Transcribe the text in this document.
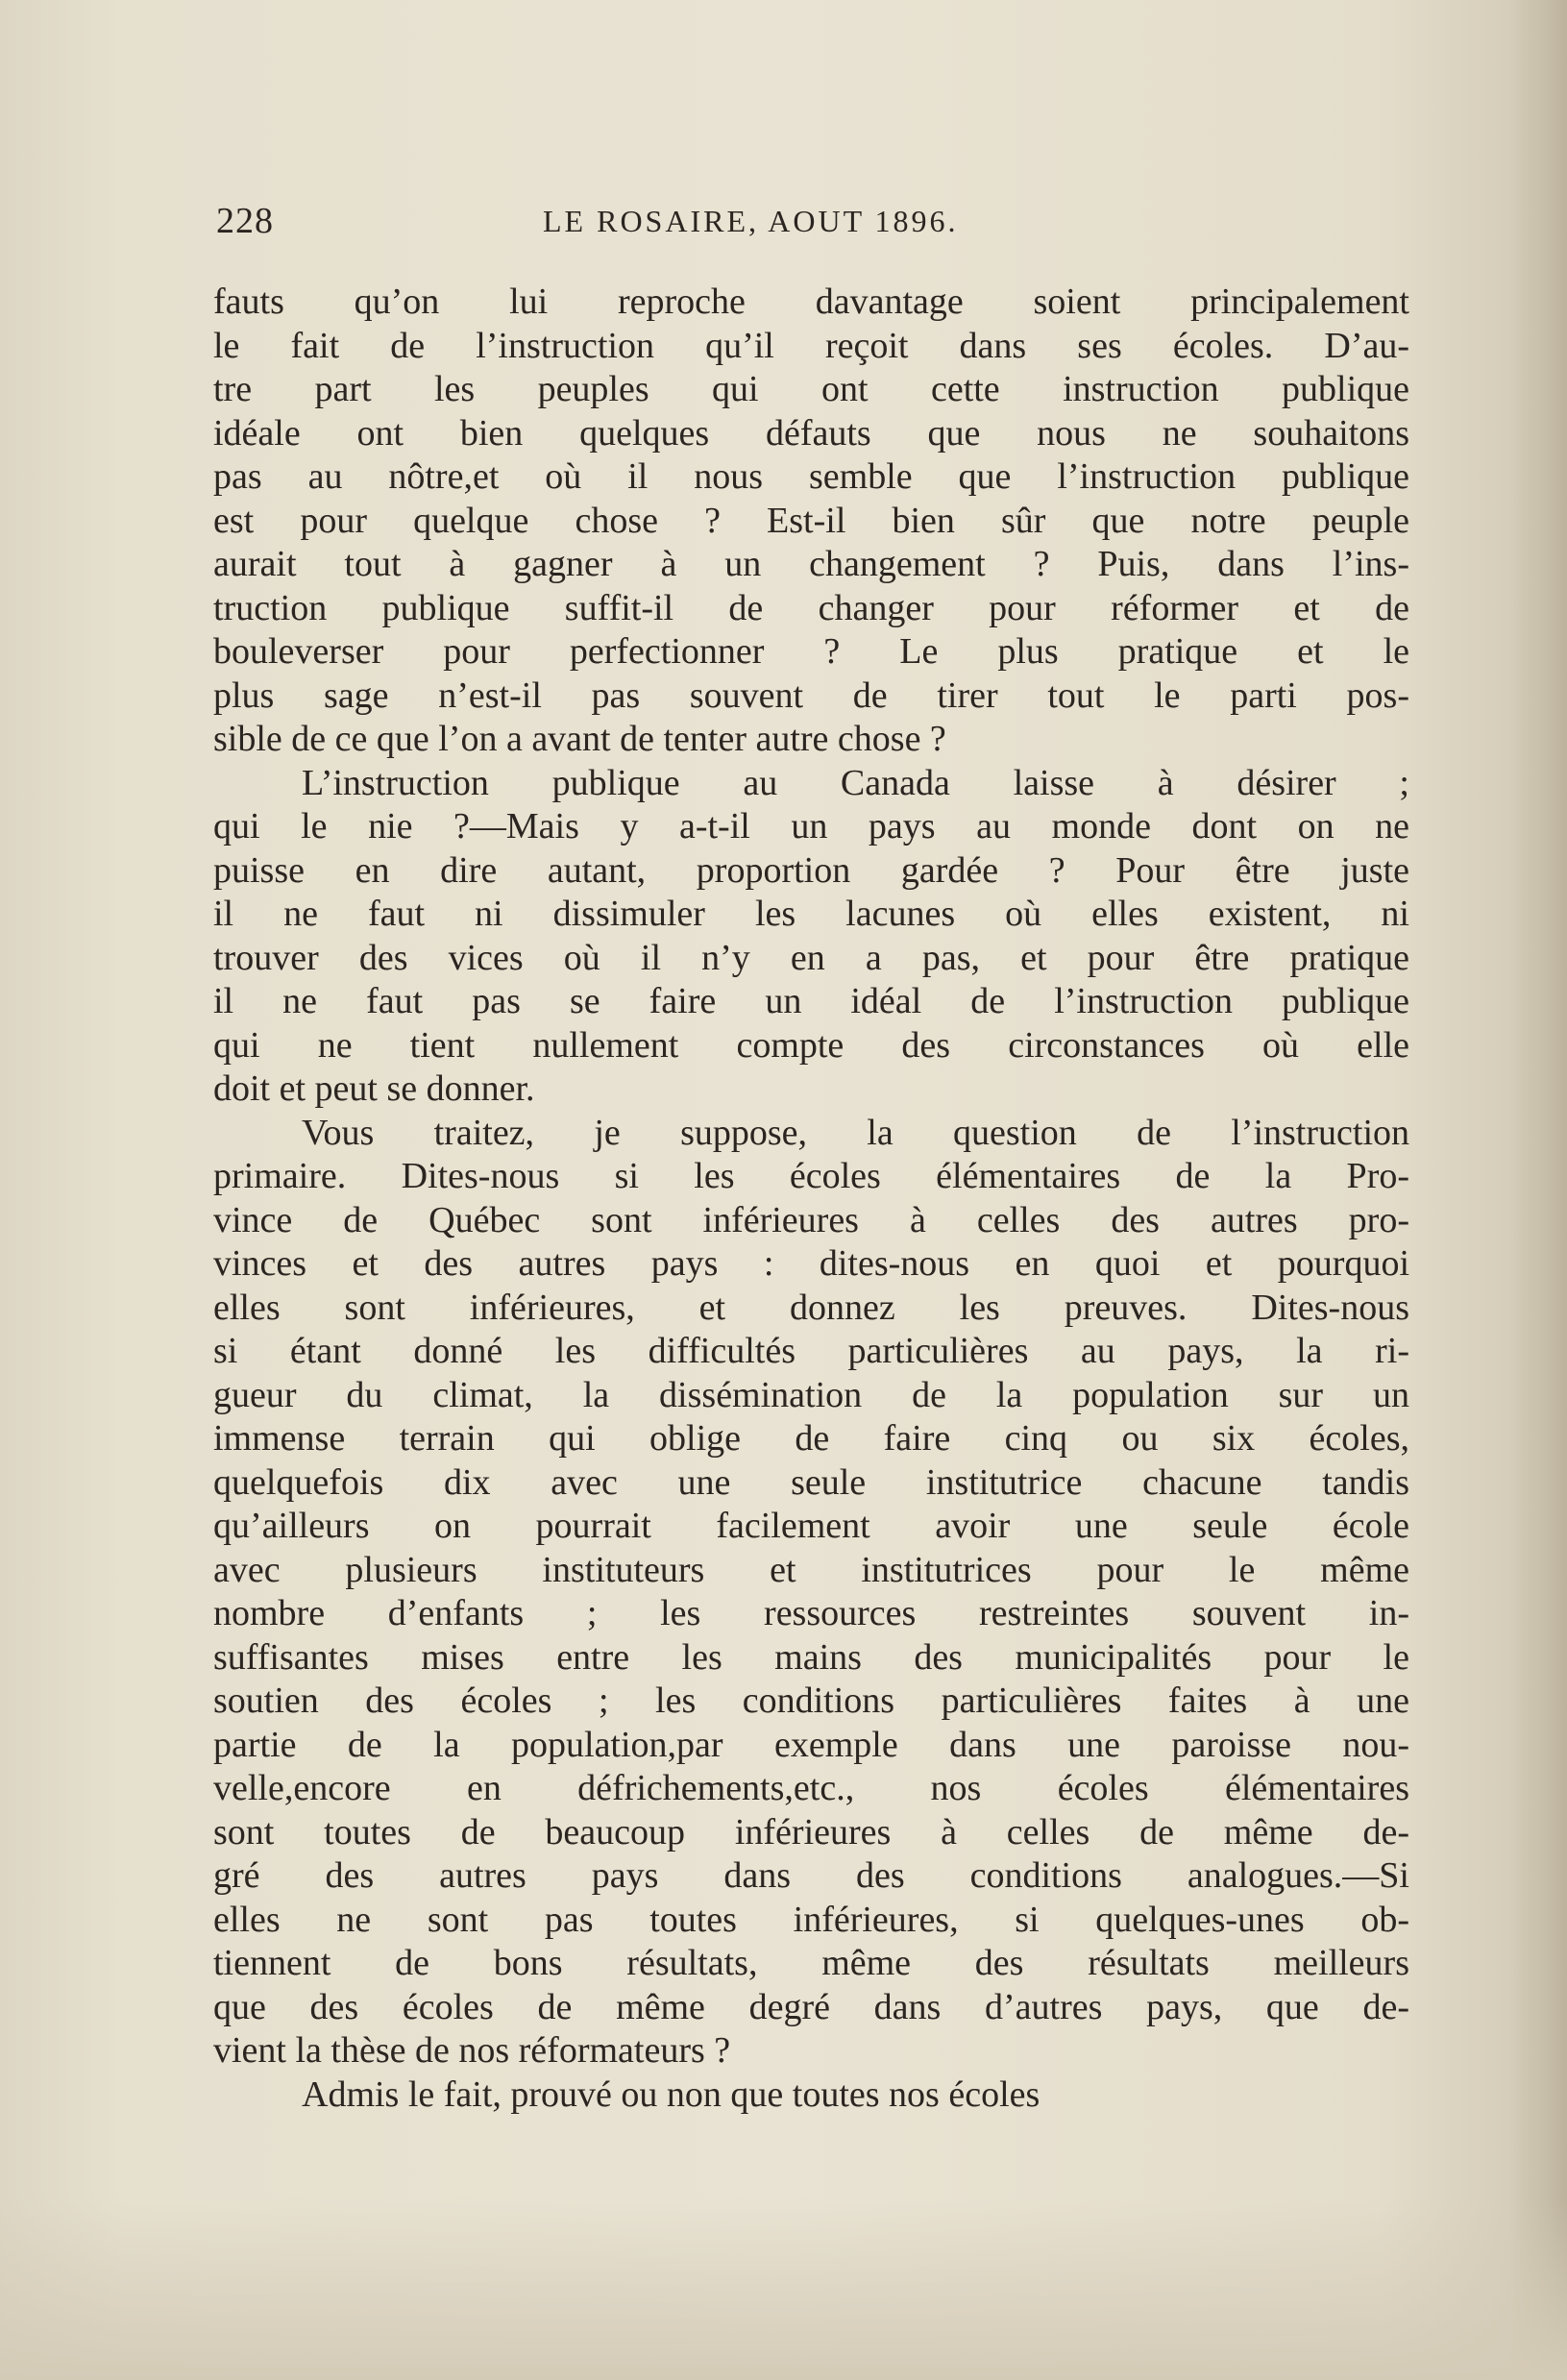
228	LE ROSAIRE, AOUT 1896.
fauts qu’on lui reproche davantage soient principalement
le fait de l’instruction qu’il reçoit dans ses écoles. D’au-
tre part les peuples qui ont cette instruction publique
idéale ont bien quelques défauts que nous ne souhaitons
pas au nôtre,et où il nous semble que l’instruction publique
est pour quelque chose ? Est-il bien sûr que notre peuple
aurait tout à gagner à un changement ? Puis, dans l’ins-
truction publique suffit-il de changer pour réformer et de
bouleverser pour perfectionner ? Le plus pratique et le
plus sage n’est-il pas souvent de tirer tout le parti pos-
sible de ce que l’on a avant de tenter autre chose ?
L’instruction publique au Canada laisse à désirer ;
qui le nie ?—Mais y a-t-il un pays au monde dont on ne
puisse en dire autant, proportion gardée ? Pour être juste
il ne faut ni dissimuler les lacunes où elles existent, ni
trouver des vices où il n’y en a pas, et pour être pratique
il ne faut pas se faire un idéal de l’instruction publique
qui ne tient nullement compte des circonstances où elle
doit et peut se donner.
Vous traitez, je suppose, la question de l’instruction
primaire. Dites-nous si les écoles élémentaires de la Pro-
vince de Québec sont inférieures à celles des autres pro-
vinces et des autres pays : dites-nous en quoi et pourquoi
elles sont inférieures, et donnez les preuves. Dites-nous
si étant donné les difficultés particulières au pays, la ri-
gueur du climat, la dissémination de la population sur un
immense terrain qui oblige de faire cinq ou six écoles,
quelquefois dix avec une seule institutrice chacune tandis
qu’ailleurs on pourrait facilement avoir une seule école
avec plusieurs instituteurs et institutrices pour le même
nombre d’enfants ; les ressources restreintes souvent in-
suffisantes mises entre les mains des municipalités pour le
soutien des écoles ; les conditions particulières faites à une
partie de la population,par exemple dans une paroisse nou-
velle,encore en défrichements,etc., nos écoles élémentaires
sont toutes de beaucoup inférieures à celles de même de-
gré des autres pays dans des conditions analogues.—Si
elles ne sont pas toutes inférieures, si quelques-unes ob-
tiennent de bons résultats, même des résultats meilleurs
que des écoles de même degré dans d’autres pays, que de-
vient la thèse de nos réformateurs ?
Admis le fait, prouvé ou non que toutes nos écoles
